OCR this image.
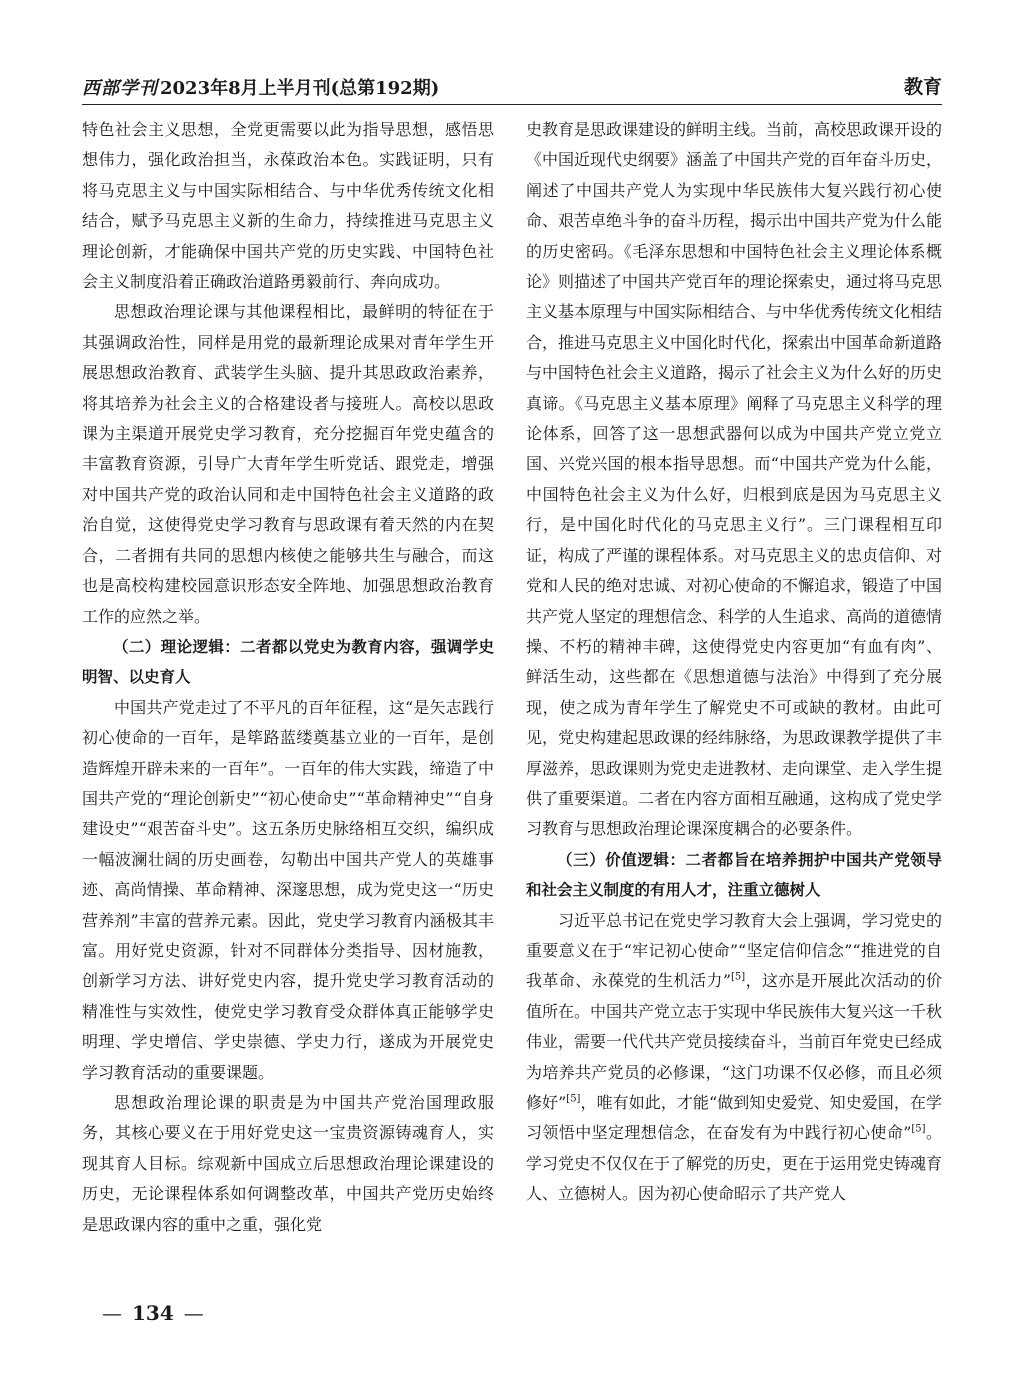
西部学刊 2023年8月上半月刊(总第192期)	教育

特色社会主义思想，全党更需要以此为指导思想，感悟思想伟力，强化政治担当，永葆政治本色。实践证明，只有将马克思主义与中国实际相结合、与中华优秀传统文化相结合，赋予马克思主义新的生命力，持续推进马克思主义理论创新，才能确保中国共产党的历史实践、中国特色社会主义制度沿着正确政治道路勇毅前行、奔向成功。

思想政治理论课与其他课程相比，最鲜明的特征在于其强调政治性，同样是用党的最新理论成果对青年学生开展思想政治教育、武装学生头脑、提升其思政政治素养，将其培养为社会主义的合格建设者与接班人。高校以思政课为主渠道开展党史学习教育，充分挖掘百年党史蕴含的丰富教育资源，引导广大青年学生听党话、跟党走，增强对中国共产党的政治认同和走中国特色社会主义道路的政治自觉，这使得党史学习教育与思政课有着天然的内在契合，二者拥有共同的思想内核使之能够共生与融合，而这也是高校构建校园意识形态安全阵地、加强思想政治教育工作的应然之举。

（二）理论逻辑：二者都以党史为教育内容，强调学史明智、以史育人

中国共产党走过了不平凡的百年征程，这“是矢志践行初心使命的一百年，是筚路蓝缕奠基立业的一百年，是创造辉煌开辟未来的一百年”。一百年的伟大实践，缔造了中国共产党的“理论创新史”“初心使命史”“革命精神史”“自身建设史”“艰苦奋斗史”。这五条历史脉络相互交织，编织成一幅波澜壮阔的历史画卷，勾勒出中国共产党人的英雄事迹、高尚情操、革命精神、深邃思想，成为党史这一“历史营养剂”丰富的营养元素。因此，党史学习教育内涵极其丰富。用好党史资源，针对不同群体分类指导、因材施教，创新学习方法、讲好党史内容，提升党史学习教育活动的精准性与实效性，使党史学习教育受众群体真正能够学史明理、学史增信、学史崇德、学史力行，遂成为开展党史学习教育活动的重要课题。

思想政治理论课的职责是为中国共产党治国理政服务，其核心要义在于用好党史这一宝贵资源铸魂育人，实现其育人目标。综观新中国成立后思想政治理论课建设的历史，无论课程体系如何调整改革，中国共产党历史始终是思政课内容的重中之重，强化党

史教育是思政课建设的鲜明主线。当前，高校思政课开设的《中国近现代史纲要》涵盖了中国共产党的百年奋斗历史，阐述了中国共产党人为实现中华民族伟大复兴践行初心使命、艰苦卓绝斗争的奋斗历程，揭示出中国共产党为什么能的历史密码。《毛泽东思想和中国特色社会主义理论体系概论》则描述了中国共产党百年的理论探索史，通过将马克思主义基本原理与中国实际相结合、与中华优秀传统文化相结合，推进马克思主义中国化时代化，探索出中国革命新道路与中国特色社会主义道路，揭示了社会主义为什么好的历史真谛。《马克思主义基本原理》阐释了马克思主义科学的理论体系，回答了这一思想武器何以成为中国共产党立党立国、兴党兴国的根本指导思想。而“中国共产党为什么能，中国特色社会主义为什么好，归根到底是因为马克思主义行，是中国化时代化的马克思主义行”。三门课程相互印证，构成了严谨的课程体系。对马克思主义的忠贞信仰、对党和人民的绝对忠诚、对初心使命的不懈追求，锻造了中国共产党人坚定的理想信念、科学的人生追求、高尚的道德情操、不朽的精神丰碑，这使得党史内容更加“有血有肉”、鲜活生动，这些都在《思想道德与法治》中得到了充分展现，使之成为青年学生了解党史不可或缺的教材。由此可见，党史构建起思政课的经纬脉络，为思政课教学提供了丰厚滋养，思政课则为党史走进教材、走向课堂、走入学生提供了重要渠道。二者在内容方面相互融通，这构成了党史学习教育与思想政治理论课深度耦合的必要条件。

（三）价值逻辑：二者都旨在培养拥护中国共产党领导和社会主义制度的有用人才，注重立德树人

习近平总书记在党史学习教育大会上强调，学习党史的重要意义在于“牢记初心使命”“坚定信仰信念”“推进党的自我革命、永葆党的生机活力”[5]，这亦是开展此次活动的价值所在。中国共产党立志于实现中华民族伟大复兴这一千秋伟业，需要一代代共产党员接续奋斗，当前百年党史已经成为培养共产党员的必修课，“这门功课不仅必修，而且必须修好”[5]，唯有如此，才能“做到知史爱党、知史爱国，在学习领悟中坚定理想信念，在奋发有为中践行初心使命”[5]。学习党史不仅仅在于了解党的历史，更在于运用党史铸魂育人、立德树人。因为初心使命昭示了共产党人

— 134 —
